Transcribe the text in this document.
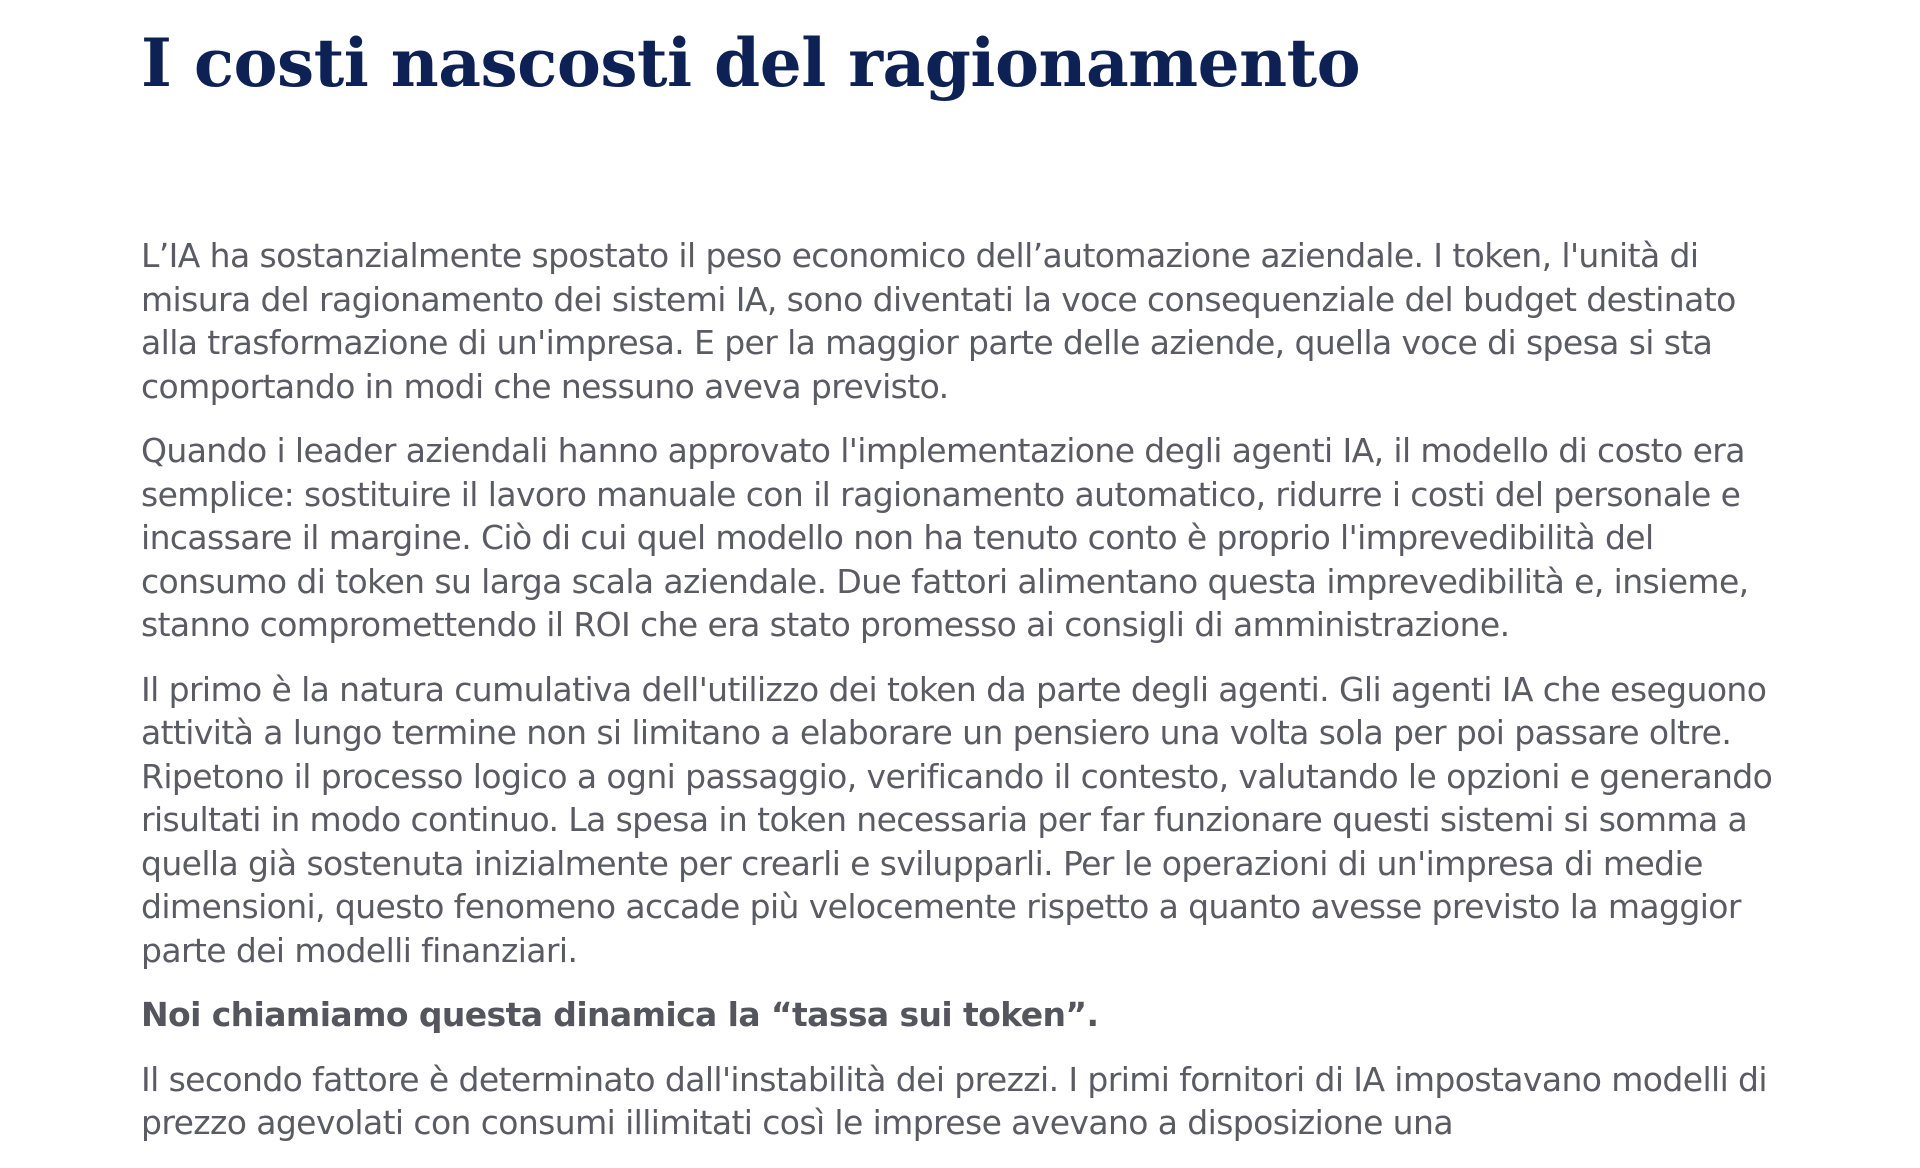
I costi nascosti del ragionamento

L’IA ha sostanzialmente spostato il peso economico dell’automazione aziendale. I token, l'unità di misura del ragionamento dei sistemi IA, sono diventati la voce consequenziale del budget destinato alla trasformazione di un'impresa. E per la maggior parte delle aziende, quella voce di spesa si sta comportando in modi che nessuno aveva previsto.

Quando i leader aziendali hanno approvato l'implementazione degli agenti IA, il modello di costo era semplice: sostituire il lavoro manuale con il ragionamento automatico, ridurre i costi del personale e incassare il margine. Ciò di cui quel modello non ha tenuto conto è proprio l'imprevedibilità del consumo di token su larga scala aziendale. Due fattori alimentano questa imprevedibilità e, insieme, stanno compromettendo il ROI che era stato promesso ai consigli di amministrazione.

Il primo è la natura cumulativa dell'utilizzo dei token da parte degli agenti. Gli agenti IA che eseguono attività a lungo termine non si limitano a elaborare un pensiero una volta sola per poi passare oltre. Ripetono il processo logico a ogni passaggio, verificando il contesto, valutando le opzioni e generando risultati in modo continuo. La spesa in token necessaria per far funzionare questi sistemi si somma a quella già sostenuta inizialmente per crearli e svilupparli. Per le operazioni di un'impresa di medie dimensioni, questo fenomeno accade più velocemente rispetto a quanto avesse previsto la maggior parte dei modelli finanziari.

Noi chiamiamo questa dinamica la “tassa sui token”.

Il secondo fattore è determinato dall'instabilità dei prezzi. I primi fornitori di IA impostavano modelli di prezzo agevolati con consumi illimitati così le imprese avevano a disposizione una
